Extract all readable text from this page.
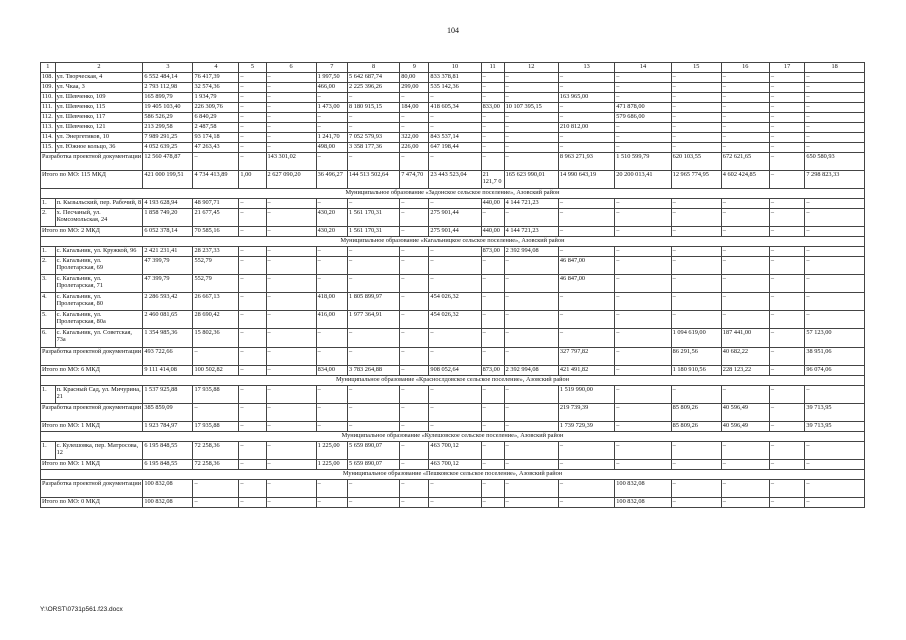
104
1	2	3	4	5	6	7	8	9	10	11	12	13	14	15	16	17	18
108.	ул. Творческая, 4	6 552 484,14	76 417,39	–	–	1 997,50	5 642 687,74	80,00	833 378,81	–	–	–	–	–	–	–	–
109.	ул. Чкаа, 3	2 793 112,98	32 574,36	–	–	466,00	2 225 396,26	299,00	535 142,36	–	–	–	–	–	–	–	–
110.	ул. Шевченко, 109	165 899,79	1 934,79	–	–	–	–	–	–	–	–	163 965,00	–	–	–	–	–
111.	ул. Шевченко, 115	19 405 103,40	226 309,76	–	–	1 473,00	8 180 915,15	184,00	418 605,34	833,00	10 107 395,15	–	471 878,00	–	–	–	–
112.	ул. Шевченко, 117	586 526,29	6 840,29	–	–	–	–	–	–	–	–	–	579 686,00	–	–	–	–
113.	ул. Шевченко, 121	213 299,58	2 487,58	–	–	–	–	–	–	–	–	210 812,00	–	–	–	–	–
114.	ул. Энергетиков, 10	7 989 291,25	93 174,18	–	–	1 241,70	7 052 579,93	322,00	843 537,14	–	–	–	–	–	–	–	–
115.	ул. Южное кольцо, 36	4 052 639,25	47 263,43	–	–	498,00	3 358 177,36	226,00	647 198,44	–	–	–	–	–	–	–	–
Разработка проектной документации		12 560 478,87	–	–	143 301,02	–	–	–	–	–	–	8 963 271,93	1 510 599,79	620 103,55	672 621,65	–	650 580,93
Итого по МО: 115 МКД		421 000 199,51	4 734 413,89	1,00	2 627 090,20	36 496,27	144 513 502,64	7 474,70	23 443 523,04	21 121,7 0	165 623 990,01	14 990 643,19	20 200 013,41	12 965 774,95	4 602 424,85	–	7 298 823,33
Муниципальное образование «Задонское сельское поселение», Азовский район																	
1.	п. Кызыльский, пер. Рабочий, 8	4 193 628,94	48 907,71	–	–	–	–	–	–	440,00	4 144 721,23	–	–	–	–	–	–
2.	х. Песчаный, ул. Комсомольская, 24	1 858 749,20	21 677,45	–	–	430,20	1 561 170,31	–	275 901,44	–	–	–	–	–	–	–	–
Итого по МО: 2 МКД		6 052 378,14	70 585,16	–	–	430,20	1 561 170,31	–	275 901,44	440,00	4 144 721,23	–	–	–	–	–	–
Муниципальное образование «Кагальницкое сельское поселение», Азовский район																	
1.	с. Кагальник, ул. Кружкой, 96	2 421 231,41	28 237,33	–	–	–	–	–	–	873,00	2 392 994,08	–	–	–	–	–	–
2.	с. Кагальник, ул. Пролетарская, 69	47 399,79	552,79	–	–	–	–	–	–	–	–	46 847,00	–	–	–	–	–
3.	с. Кагальник, ул. Пролетарская, 71	47 399,79	552,79	–	–	–	–	–	–	–	–	46 847,00	–	–	–	–	–
4.	с. Кагальник, ул. Пролетарская, 80	2 286 593,42	26 667,13	–	–	418,00	1 805 899,97	–	454 026,32	–	–	–	–	–	–	–	–
5.	с. Кагальник, ул. Пролетарская, 80а	2 460 081,65	28 690,42	–	–	416,00	1 977 364,91	–	454 026,32	–	–	–	–	–	–	–	–
6.	с. Кагальник, ул. Советская, 73а	1 354 985,36	15 802,36	–	–	–	–	–	–	–	–	–	–	1 094 619,00	187 441,00	–	57 123,00
Разработка проектной документации		493 722,66	–	–	–	–	–	–	–	–	–	327 797,82	–	86 291,56	40 682,22	–	38 951,06
Итого по МО: 6 МКД		9 111 414,08	100 502,82	–	–	834,00	3 783 264,88	–	908 052,64	873,00	2 392 994,08	421 491,82	–	1 180 910,56	228 123,22	–	96 074,06
Муниципальное образование «Краснослдовское сельское поселение», Азовский район																	
1.	п. Красный Сад, ул. Мичурина, 21	1 537 925,88	17 935,88	–	–	–	–	–	–	–	–	1 519 990,00	–	–	–	–	–
Разработка проектной документации		385 859,09	–	–	–	–	–	–	–	–	–	219 739,39	–	85 809,26	40 596,49	–	39 713,95
Итого по МО: 1 МКД		1 923 784,97	17 935,88	–	–	–	–	–	–	–	–	1 739 729,39	–	85 809,26	40 596,49	–	39 713,95
Муниципальное образование «Кулешовское сельское поселение», Азовский район																	
1.	с. Кулешовка, пер. Матросова, 12	6 195 848,55	72 258,36	–	–	1 225,00	5 659 890,07	–	463 700,12	–	–	–	–	–	–	–	–
Итого по МО: 1 МКД		6 195 848,55	72 258,36	–	–	1 225,00	5 659 890,07	–	463 700,12	–	–	–	–	–	–	–	–
Муниципальное образование «Пешковское сельское поселение», Азовский район																	
Разработка проектной документации		100 832,08	–	–	–	–	–	–	–	–	–	–	100 832,08	–	–	–	–
Итого по МО: 0 МКД		100 832,08	–	–	–	–	–	–	–	–	–	–	100 832,08	–	–	–	–
Y:\ORST\0731p561.f23.docx
